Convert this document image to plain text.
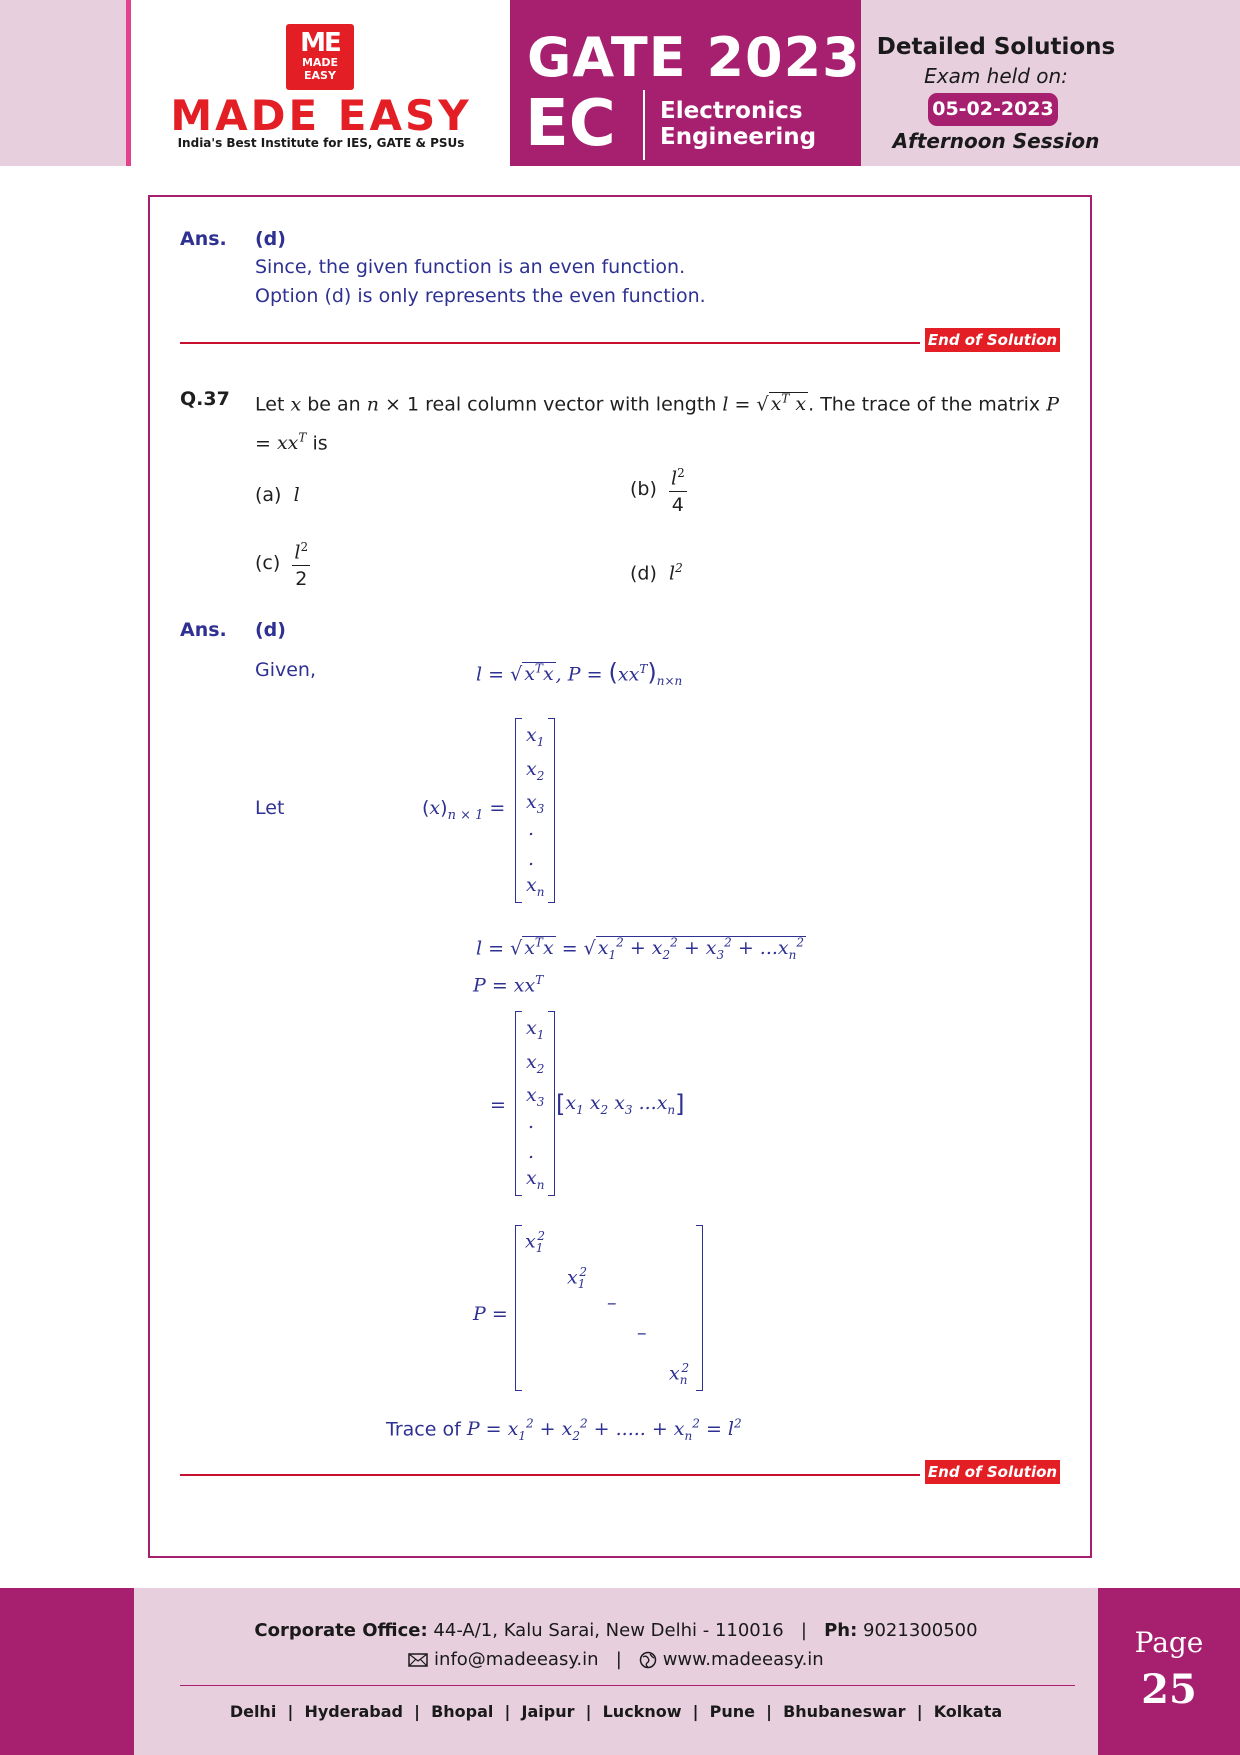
ME
MADE
EASY
MADE EASY
India's Best Institute for IES, GATE & PSUs
GATE 2023
EC Electronics
Engineering
Detailed Solutions
Exam held on:
05-02-2023
Afternoon Session
Ans. (d)
Since, the given function is an even function.
Option (d) is only represents the even function.
End of Solution
Q.37 Let x be an n × 1 real column vector with length l = √ $x^T$ x . The trace of the matrix P
= $xx^T$ is
(a) l	$(b) \frac{l^2}{4}$
$(c) \frac{l^2}{2}$	(d) $l^2$
Ans. (d)
Given,	l = √ $x^Tx$ , $P = (xx^T)_{n\times n}$
Let	$(x)_{n \times 1}$ =
$x_1$
$x_2$
$x_3$
.
.
$x_n$
l = √ $x^Tx$ = √ $x_1^2 + x_2^2 + x_3^2 + ...x_n^2$
$P = xx^T$
=
$x_1$
$x_2$
$x_3$
.
.
$x_n$
[$x_1$ $x_2$ $x_3$ $...x_n$]
P =
$x_1^2$
$x_1^2$
–
–
$x_n^2$
Trace of $P = x_1^2 + x_2^2$ + ..... + $x_n^2 = l^2$
End of Solution
Corporate Office: 44-A/1, Kalu Sarai, New Delhi - 110016   |   Ph: 9021300500
info@madeeasy.in   |    www.madeeasy.in
Delhi  |  Hyderabad  |  Bhopal  |  Jaipur  |  Lucknow  |  Pune  |  Bhubaneswar  |  Kolkata
Page
25
